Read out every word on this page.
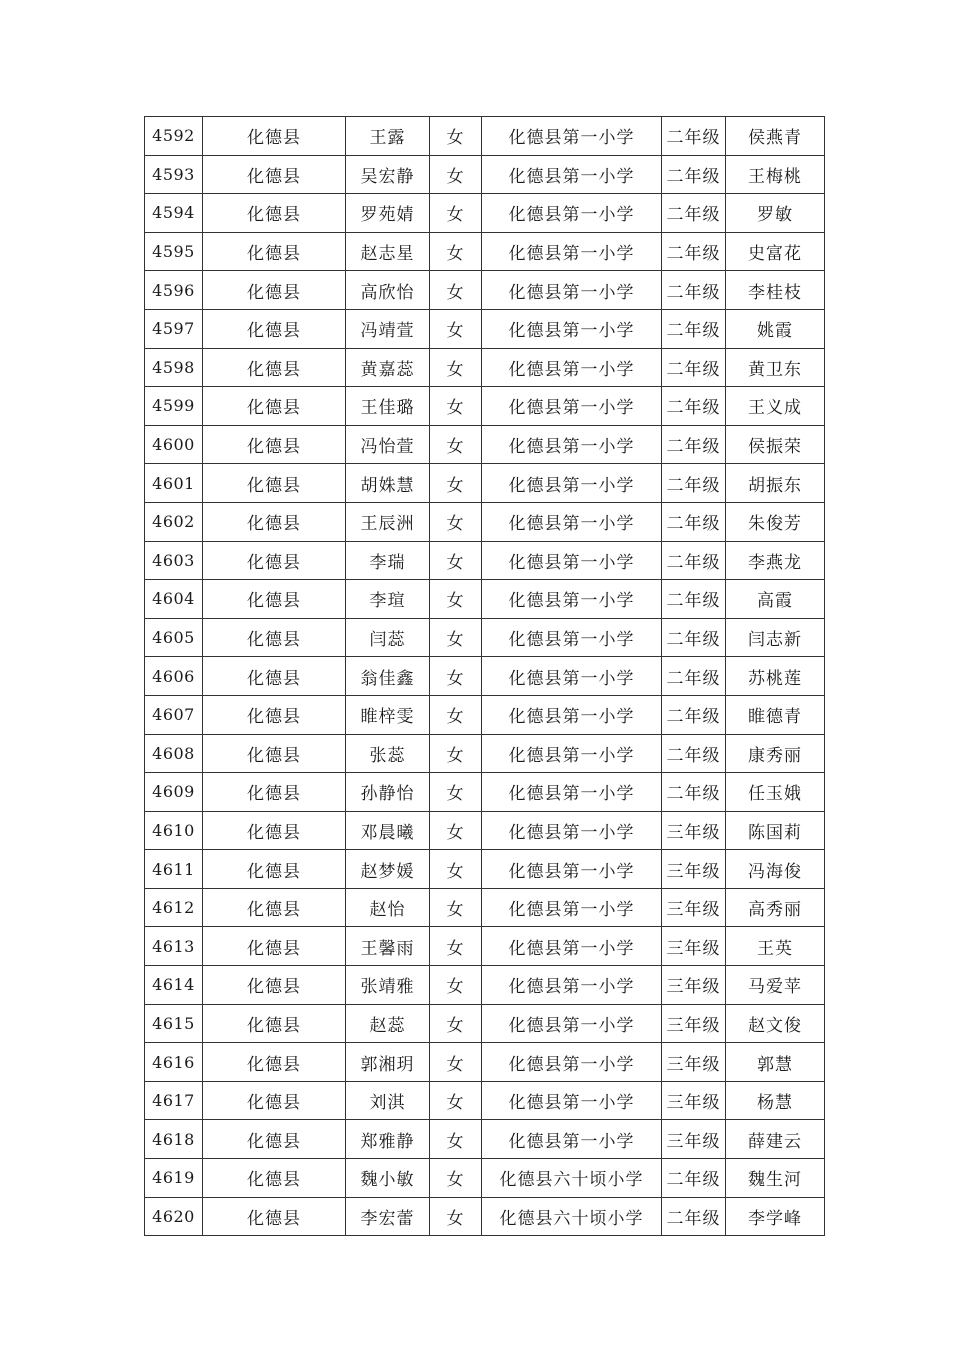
4592	化德县	王露	女	化德县第一小学	二年级	侯燕青
4593	化德县	吴宏静	女	化德县第一小学	二年级	王梅桃
4594	化德县	罗苑婧	女	化德县第一小学	二年级	罗敏
4595	化德县	赵志星	女	化德县第一小学	二年级	史富花
4596	化德县	高欣怡	女	化德县第一小学	二年级	李桂枝
4597	化德县	冯靖萱	女	化德县第一小学	二年级	姚霞
4598	化德县	黄嘉蕊	女	化德县第一小学	二年级	黄卫东
4599	化德县	王佳璐	女	化德县第一小学	二年级	王义成
4600	化德县	冯怡萱	女	化德县第一小学	二年级	侯振荣
4601	化德县	胡姝慧	女	化德县第一小学	二年级	胡振东
4602	化德县	王辰洲	女	化德县第一小学	二年级	朱俊芳
4603	化德县	李瑞	女	化德县第一小学	二年级	李燕龙
4604	化德县	李瑄	女	化德县第一小学	二年级	高霞
4605	化德县	闫蕊	女	化德县第一小学	二年级	闫志新
4606	化德县	翁佳鑫	女	化德县第一小学	二年级	苏桃莲
4607	化德县	睢梓雯	女	化德县第一小学	二年级	睢德青
4608	化德县	张蕊	女	化德县第一小学	二年级	康秀丽
4609	化德县	孙静怡	女	化德县第一小学	二年级	任玉娥
4610	化德县	邓晨曦	女	化德县第一小学	三年级	陈国莉
4611	化德县	赵梦媛	女	化德县第一小学	三年级	冯海俊
4612	化德县	赵怡	女	化德县第一小学	三年级	高秀丽
4613	化德县	王馨雨	女	化德县第一小学	三年级	王英
4614	化德县	张靖雅	女	化德县第一小学	三年级	马爱苹
4615	化德县	赵蕊	女	化德县第一小学	三年级	赵文俊
4616	化德县	郭湘玥	女	化德县第一小学	三年级	郭慧
4617	化德县	刘淇	女	化德县第一小学	三年级	杨慧
4618	化德县	郑雅静	女	化德县第一小学	三年级	薛建云
4619	化德县	魏小敏	女	化德县六十顷小学	二年级	魏生河
4620	化德县	李宏蕾	女	化德县六十顷小学	二年级	李学峰
